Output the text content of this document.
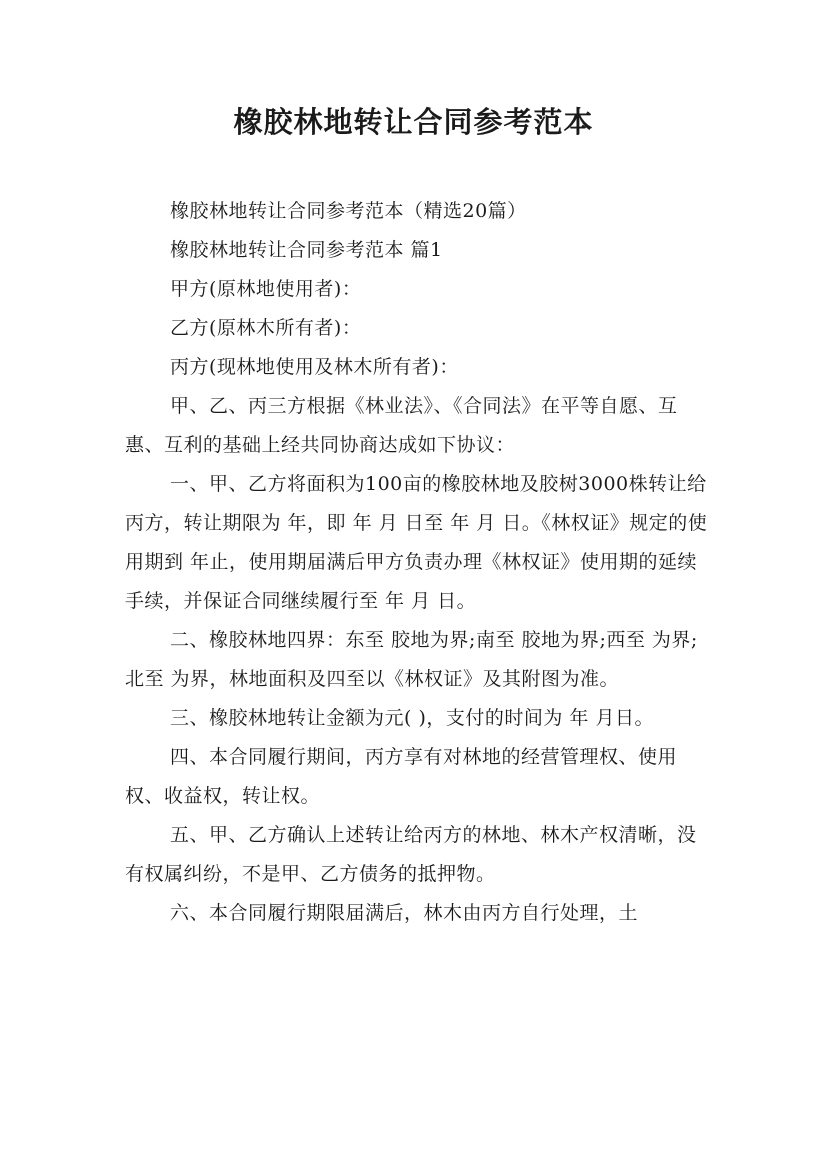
橡胶林地转让合同参考范本

橡胶林地转让合同参考范本（精选20篇）

橡胶林地转让合同参考范本 篇1

甲方(原林地使用者)：

乙方(原林木所有者)：

丙方(现林地使用及林木所有者)：

甲、乙、丙三方根据《林业法》、《合同法》在平等自愿、互惠、互利的基础上经共同协商达成如下协议：

一、甲、乙方将面积为100亩的橡胶林地及胶树3000株转让给丙方，转让期限为 年，即 年 月 日至 年 月 日。《林权证》规定的使用期到 年止，使用期届满后甲方负责办理《林权证》使用期的延续手续，并保证合同继续履行至 年 月 日。

二、橡胶林地四界：东至 胶地为界;南至 胶地为界;西至 为界;北至 为界，林地面积及四至以《林权证》及其附图为准。

三、橡胶林地转让金额为元( )，支付的时间为 年 月日。

四、本合同履行期间，丙方享有对林地的经营管理权、使用权、收益权，转让权。

五、甲、乙方确认上述转让给丙方的林地、林木产权清晰，没有权属纠纷，不是甲、乙方债务的抵押物。

六、本合同履行期限届满后，林木由丙方自行处理，土
